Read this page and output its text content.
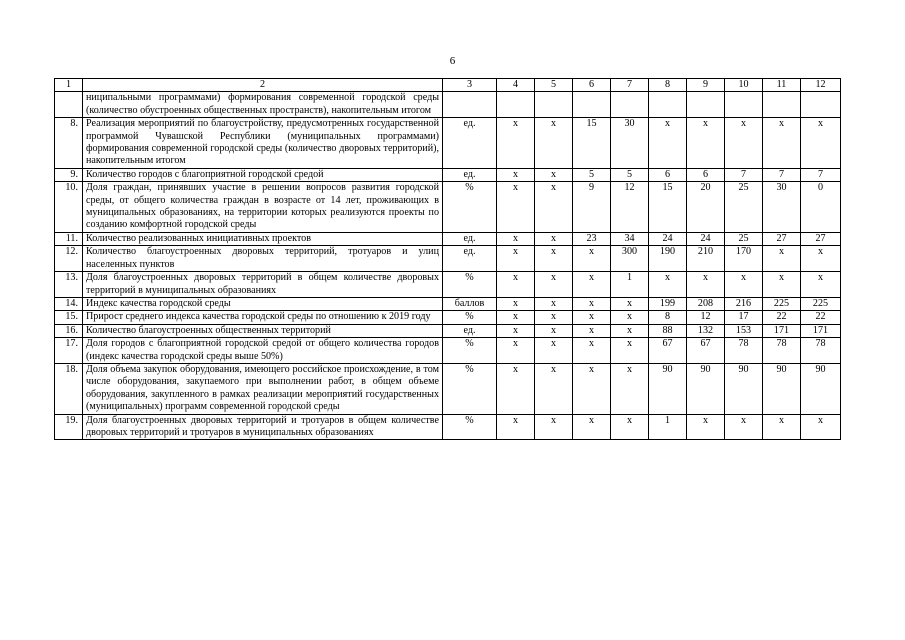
6
1	2	3	4	5	6	7	8	9	10	11	12
	ниципальными программами) формирования современной городской среды (количество обустроенных общественных пространств), накопительным итогом										
8.	Реализация мероприятий по благоустройству, предусмотренных государственной программой Чувашской Республики (муниципальных программами) формирования современной городской среды (количество дворовых территорий), накопительным итогом	ед.	x	x	15	30	x	x	x	x	x
9.	Количество городов с благоприятной городской средой	ед.	x	x	5	5	6	6	7	7	7
10.	Доля граждан, принявших участие в решении вопросов развития городской среды, от общего количества граждан в возрасте от 14 лет, проживающих в муниципальных образованиях, на территории которых реализуются проекты по созданию комфортной городской среды	%	x	x	9	12	15	20	25	30	0
11.	Количество реализованных инициативных проектов	ед.	x	x	23	34	24	24	25	27	27
12.	Количество благоустроенных дворовых территорий, тротуаров и улиц населенных пунктов	ед.	x	x	x	300	190	210	170	x	x
13.	Доля благоустроенных дворовых территорий в общем количестве дворовых территорий в муниципальных образованиях	%	x	x	x	1	x	x	x	x	x
14.	Индекс качества городской среды	баллов	x	x	x	x	199	208	216	225	225
15.	Прирост среднего индекса качества городской среды по отношению к 2019 году	%	x	x	x	x	8	12	17	22	22
16.	Количество благоустроенных общественных территорий	ед.	x	x	x	x	88	132	153	171	171
17.	Доля городов с благоприятной городской средой от общего количества городов (индекс качества городской среды выше 50%)	%	x	x	x	x	67	67	78	78	78
18.	Доля объема закупок оборудования, имеющего российское происхождение, в том числе оборудования, закупаемого при выполнении работ, в общем объеме оборудования, закупленного в рамках реализации мероприятий государственных (муниципальных) программ современной городской среды	%	x	x	x	x	90	90	90	90	90
19.	Доля благоустроенных дворовых территорий и тротуаров в общем количестве дворовых территорий и тротуаров в муниципальных образованиях	%	x	x	x	x	1	x	x	x	x
